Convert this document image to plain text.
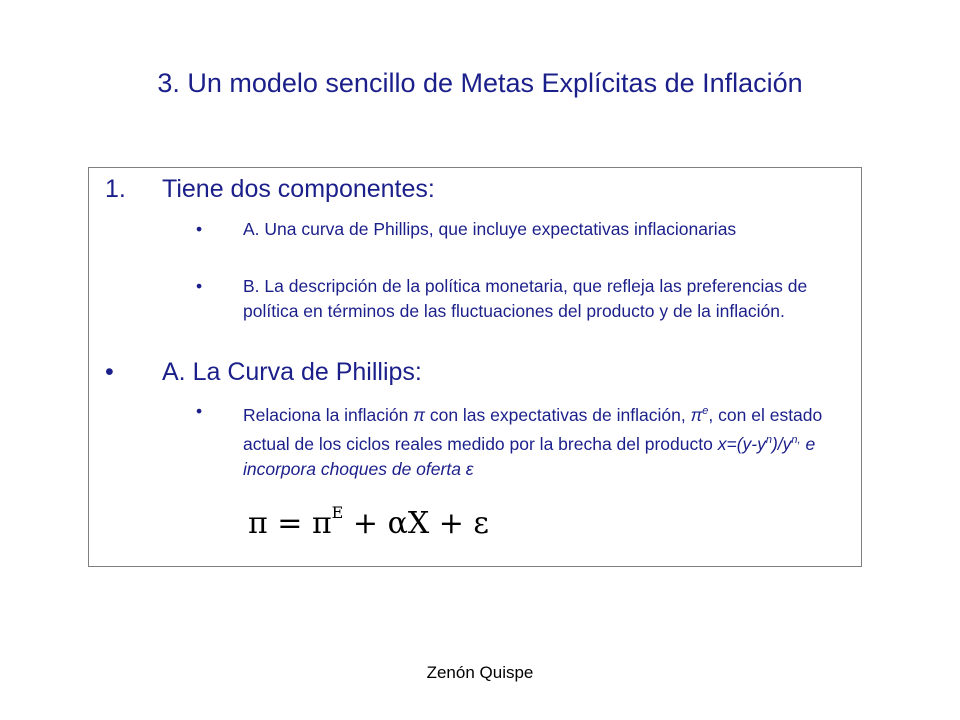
3. Un modelo sencillo de Metas Explícitas de Inflación
1. Tiene dos componentes:
• A. Una curva de Phillips, que incluye expectativas inflacionarias
• B. La descripción de la política monetaria, que refleja las preferencias de política en términos de las fluctuaciones del producto y de la inflación.
• A. La Curva de Phillips:
• Relaciona la inflación π con las expectativas de inflación, $\pi^e$, con el estado actual de los ciclos reales medido por la brecha del producto $x=(y-y^n)/y^{n,}$ e incorpora choques de oferta ε
$\pi = \pi^E + \alpha X + \varepsilon$
Zenón Quispe
